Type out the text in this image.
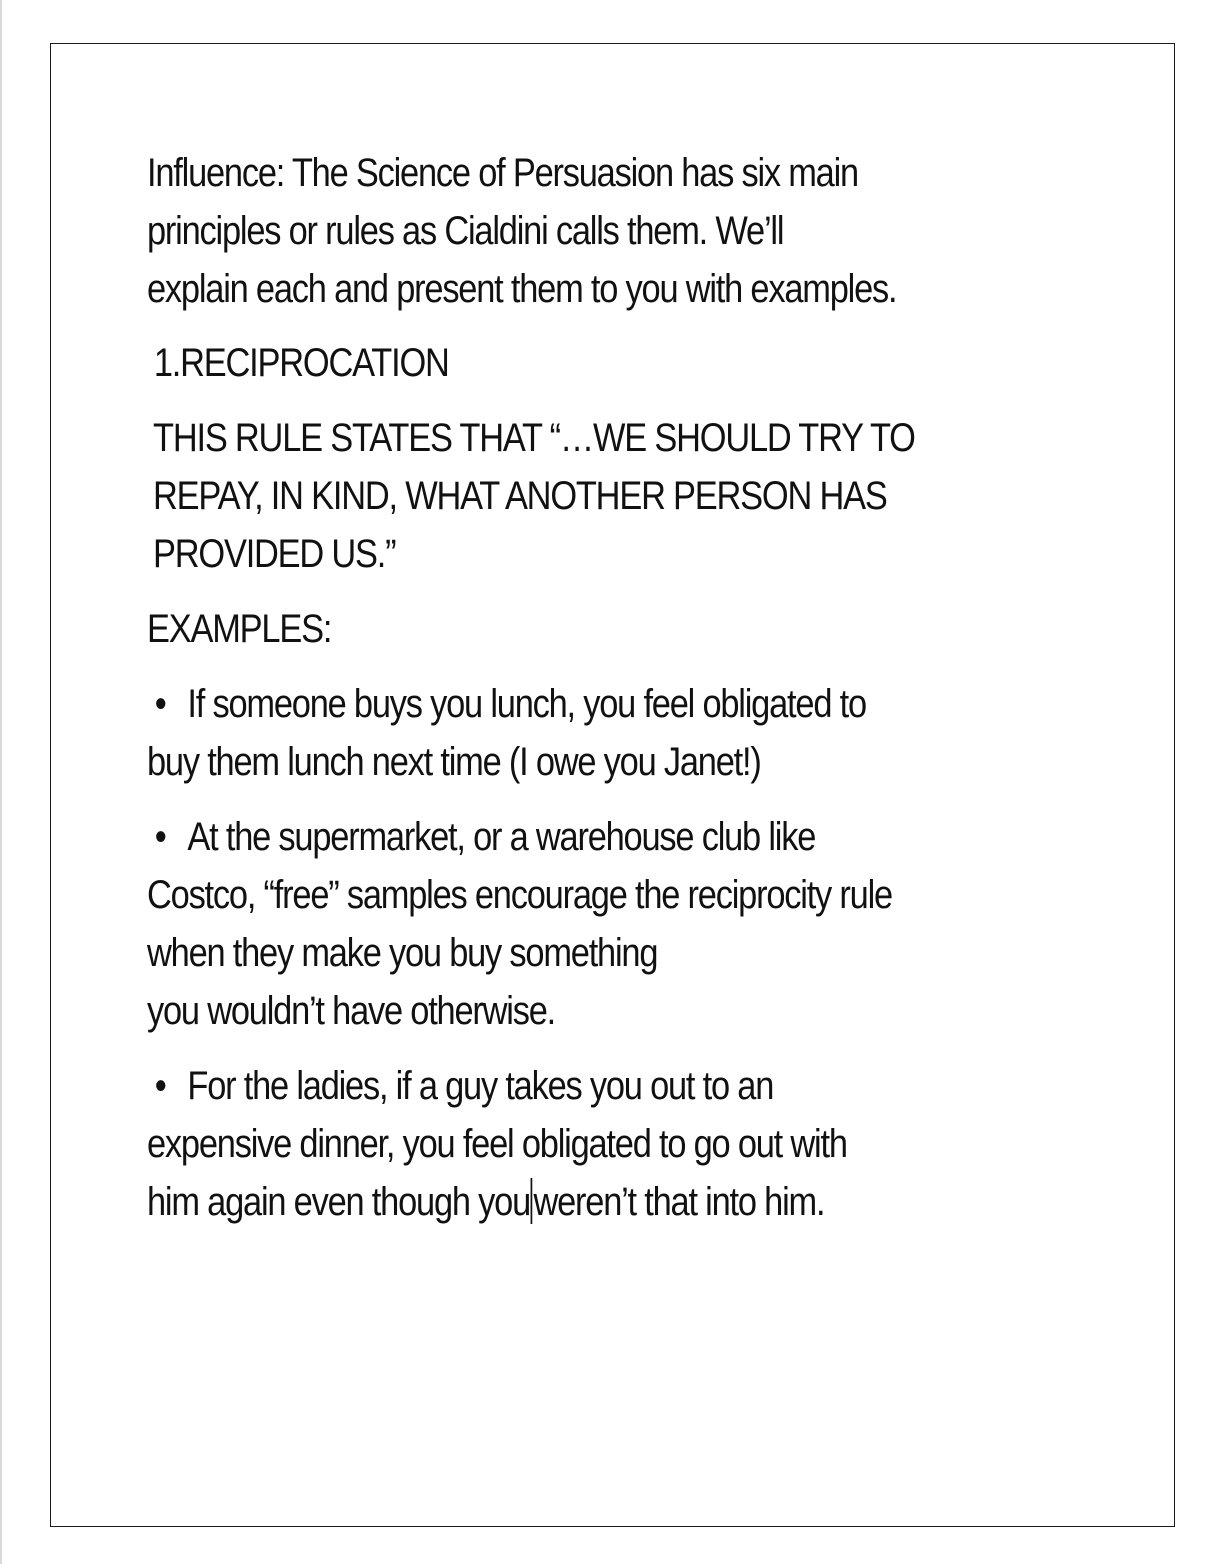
Influence: The Science of Persuasion has six main
principles or rules as Cialdini calls them. We’ll
explain each and present them to you with examples.

1.RECIPROCATION

THIS RULE STATES THAT “…WE SHOULD TRY TO
REPAY, IN KIND, WHAT ANOTHER PERSON HAS
PROVIDED US.”

EXAMPLES:

• If someone buys you lunch, you feel obligated to
buy them lunch next time (I owe you Janet!)

• At the supermarket, or a warehouse club like
Costco, “free” samples encourage the reciprocity rule
when they make you buy something
you wouldn’t have otherwise.

• For the ladies, if a guy takes you out to an
expensive dinner, you feel obligated to go out with
him again even though youweren’t that into him.
